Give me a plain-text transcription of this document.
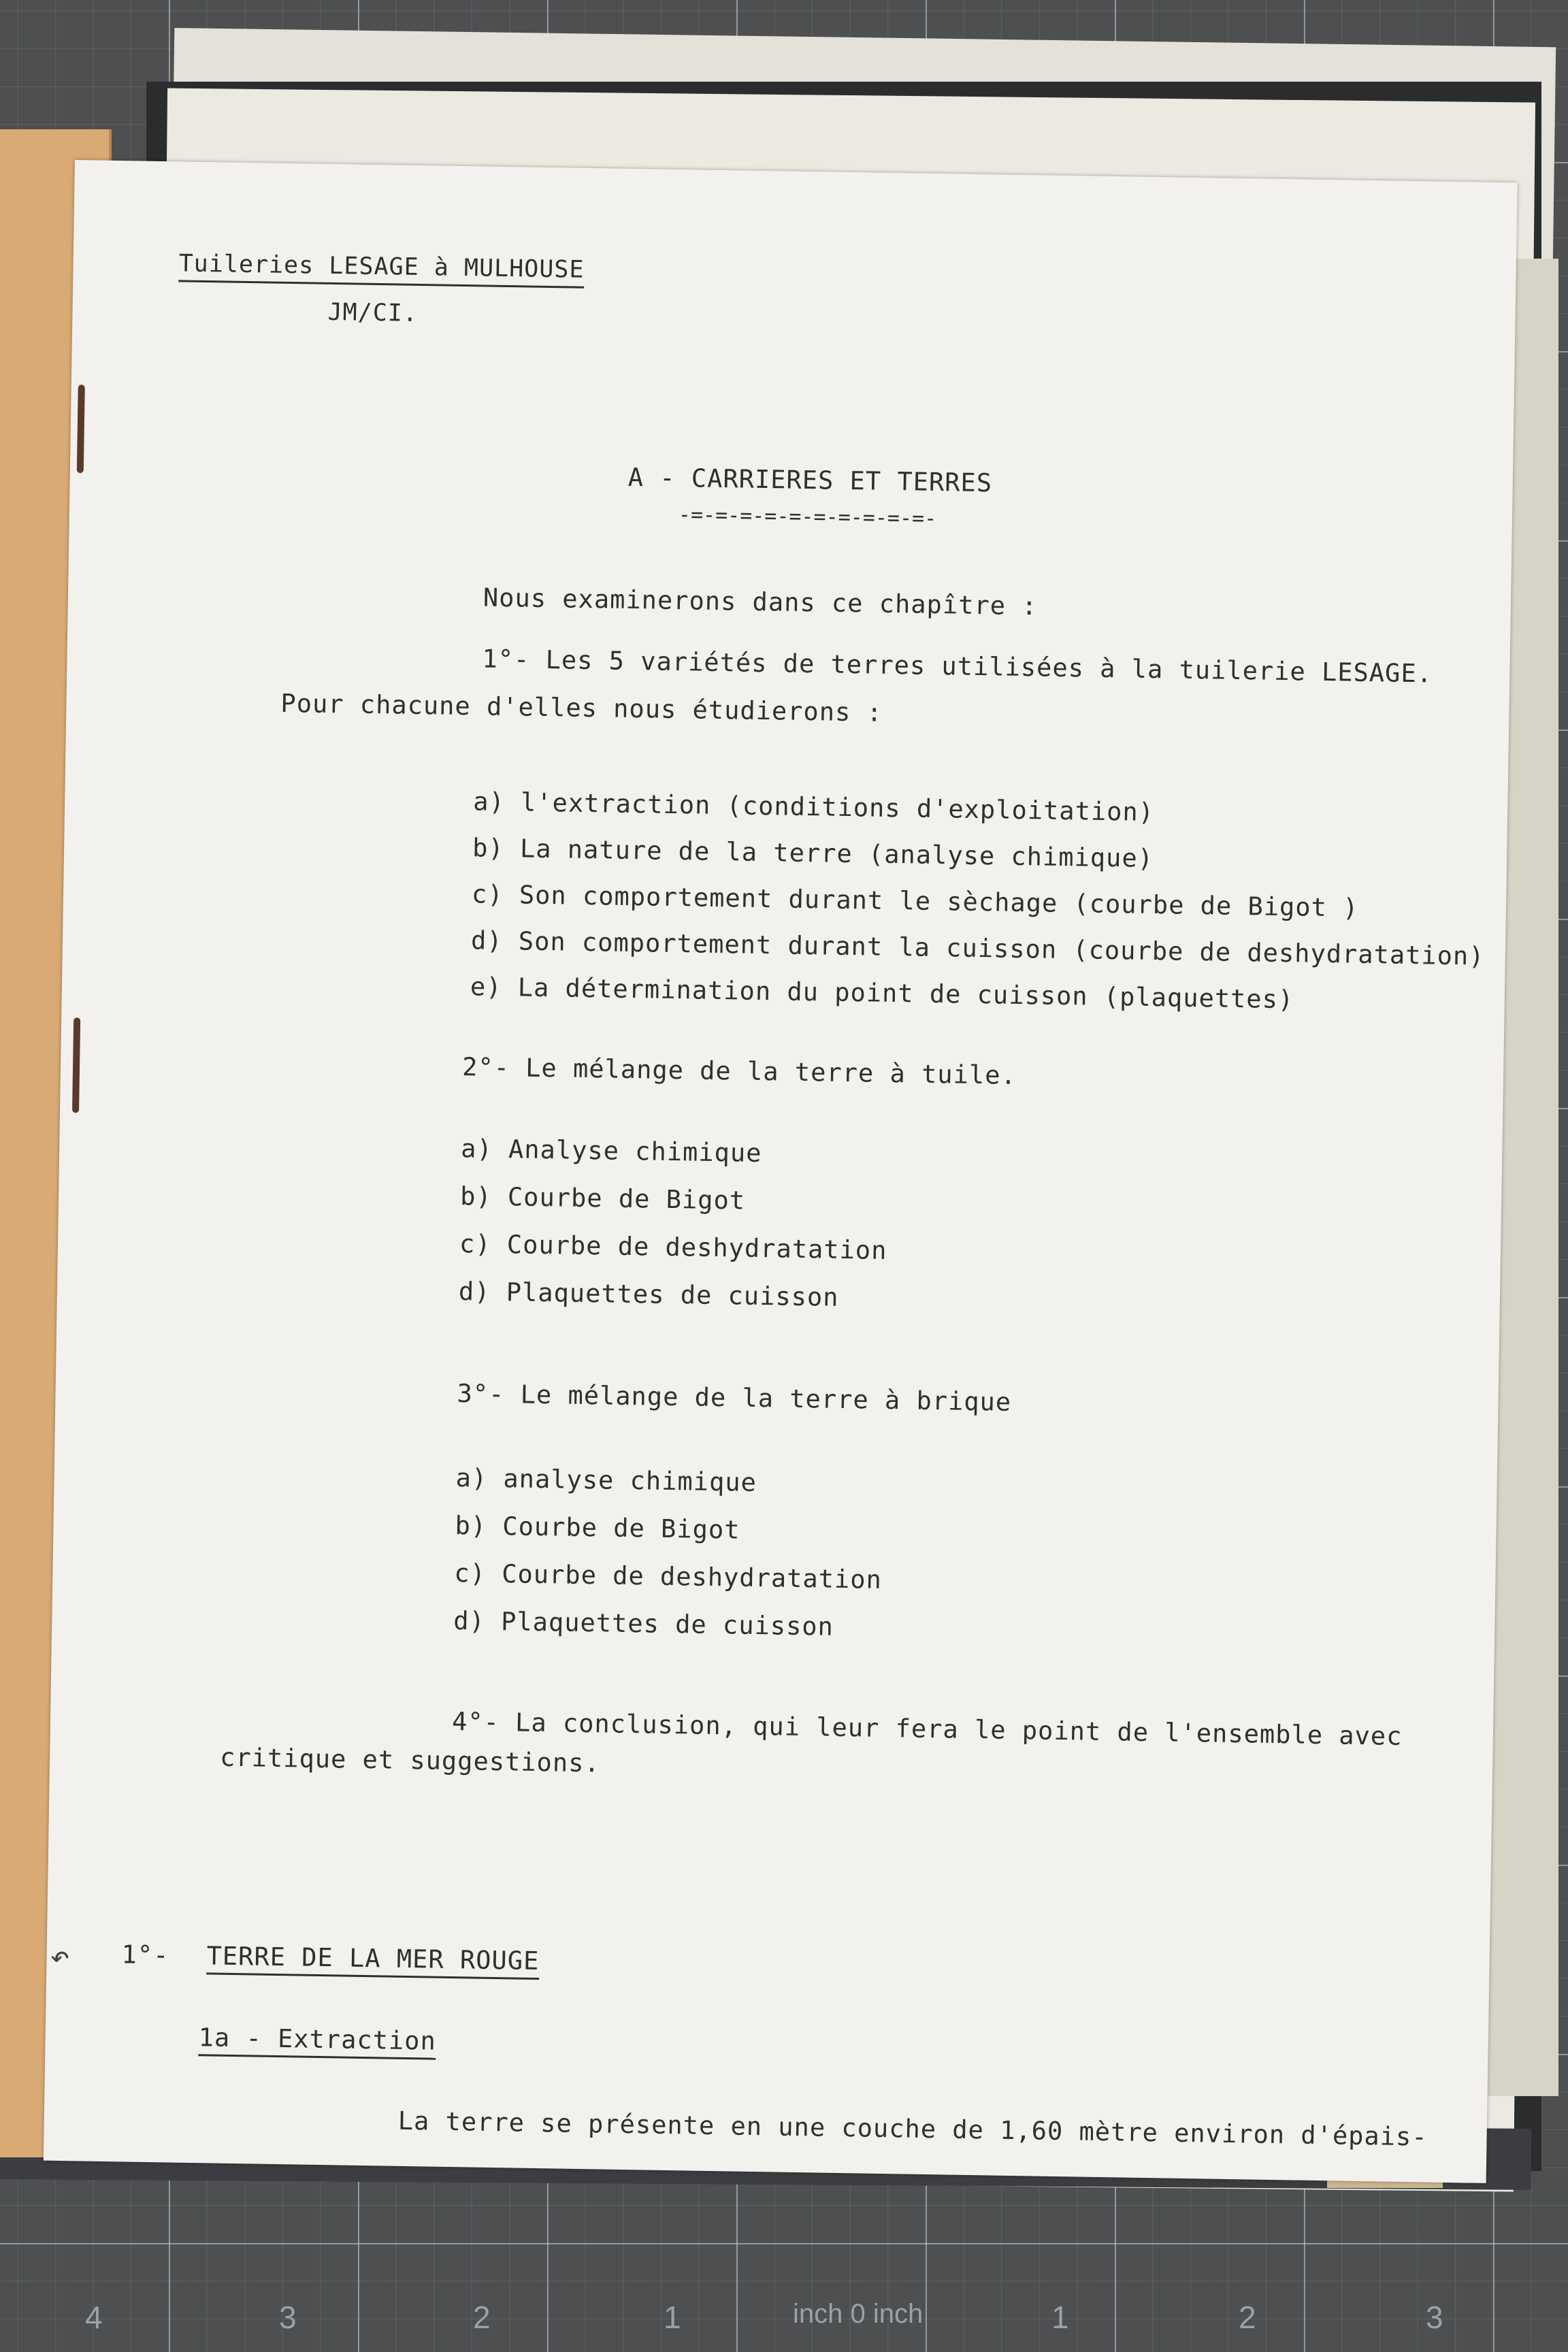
Tuileries LESAGE à MULHOUSE
JM/CI.
A - CARRIERES ET TERRES
-=-=-=-=-=-=-=-=-=-=-
Nous examinerons dans ce chapître :
1°- Les 5 variétés de terres utilisées à la tuilerie LESAGE.
Pour chacune d'elles nous étudierons :
a) l'extraction (conditions d'exploitation)
b) La nature de la terre (analyse chimique)
c) Son comportement durant le sèchage (courbe de Bigot )
d) Son comportement durant la cuisson (courbe de deshydratation)
e) La détermination du point de cuisson (plaquettes)
2°- Le mélange de la terre à tuile.
a) Analyse chimique
b) Courbe de Bigot
c) Courbe de deshydratation
d) Plaquettes de cuisson
3°- Le mélange de la terre à brique
a) analyse chimique
b) Courbe de Bigot
c) Courbe de deshydratation
d) Plaquettes de cuisson
4°- La conclusion, qui leur fera le point de l'ensemble avec
critique et suggestions.
↶ 1°- TERRE DE LA MER ROUGE
1a - Extraction
La terre se présente en une couche de 1,60 mètre environ d'épais-
4	3	2	1	inch 0 inch	1	2	3
